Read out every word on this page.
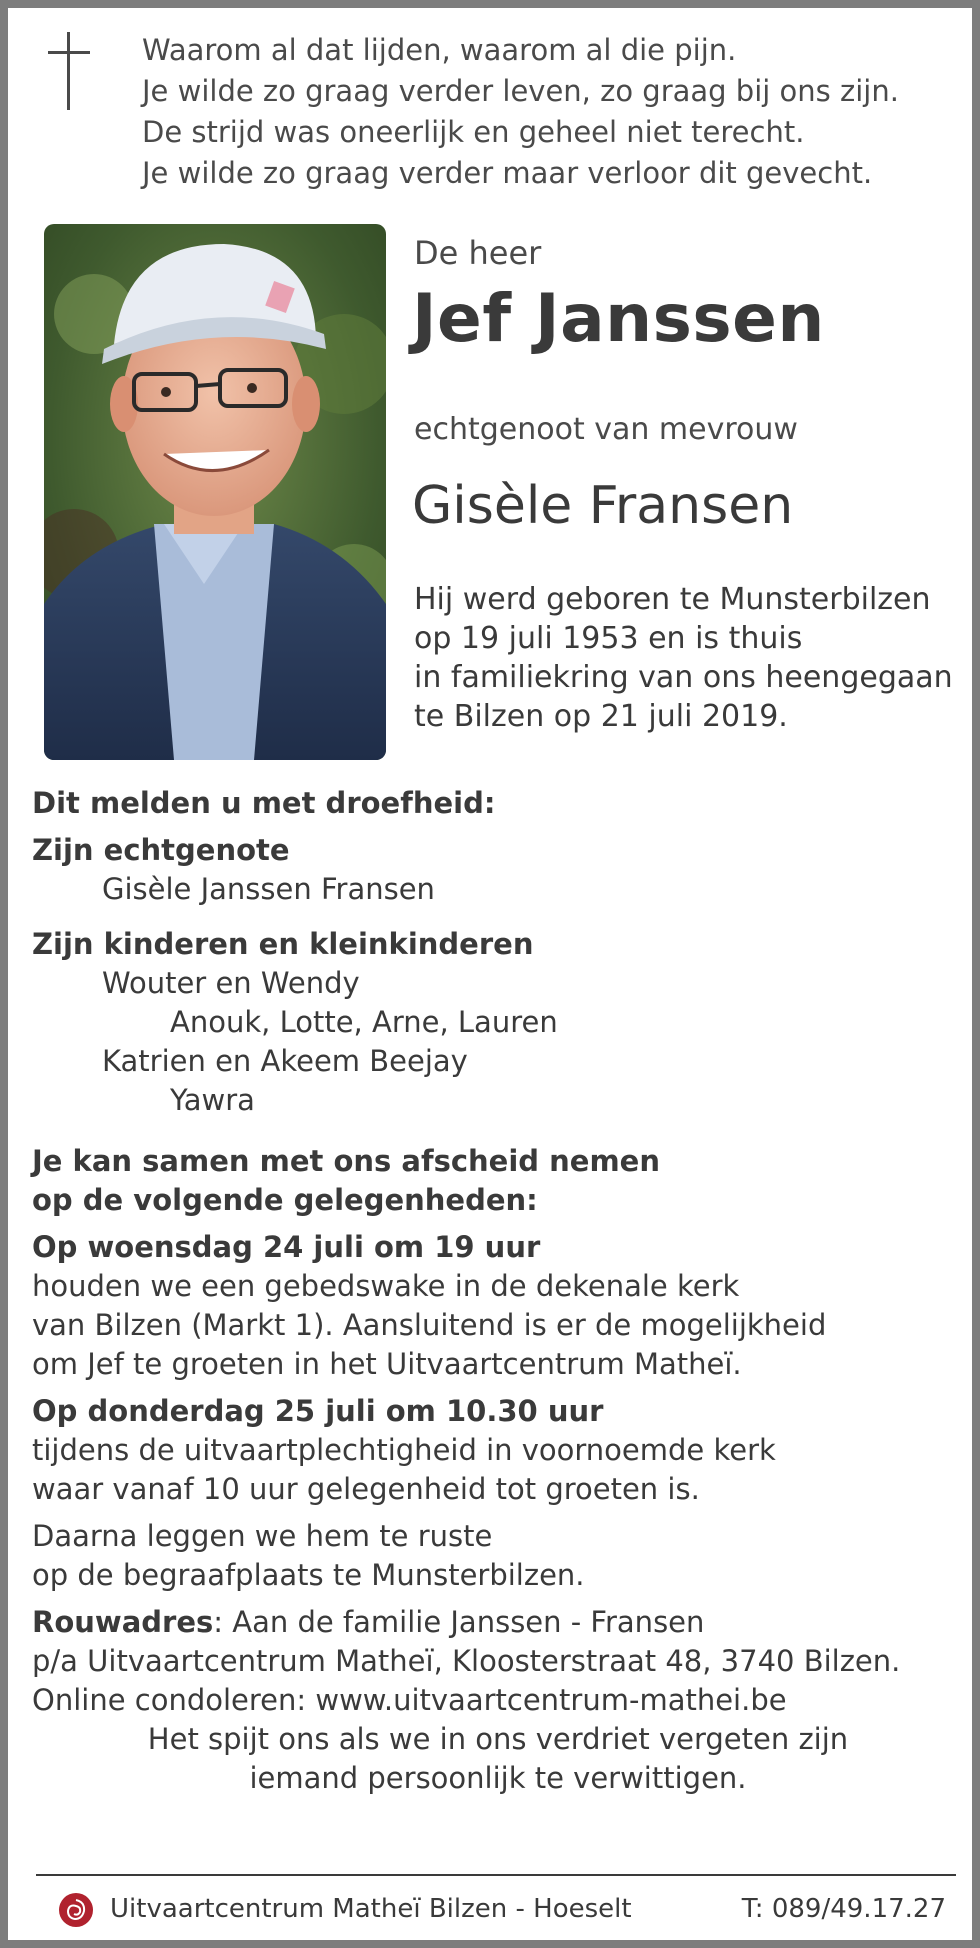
Waarom al dat lijden, waarom al die pijn.
Je wilde zo graag verder leven, zo graag bij ons zijn.
De strijd was oneerlijk en geheel niet terecht.
Je wilde zo graag verder maar verloor dit gevecht.
De heer
Jef Janssen
echtgenoot van mevrouw
Gisèle Fransen
Hij werd geboren te Munsterbilzen
op 19 juli 1953 en is thuis
in familiekring van ons heengegaan
te Bilzen op 21 juli 2019.
Dit melden u met droefheid:
Zijn echtgenote
Gisèle Janssen Fransen
Zijn kinderen en kleinkinderen
Wouter en Wendy
Anouk, Lotte, Arne, Lauren
Katrien en Akeem Beejay
Yawra
Je kan samen met ons afscheid nemen
op de volgende gelegenheden:
Op woensdag 24 juli om 19 uur
houden we een gebedswake in de dekenale kerk
van Bilzen (Markt 1). Aansluitend is er de mogelijkheid
om Jef te groeten in het Uitvaartcentrum Matheï.
Op donderdag 25 juli om 10.30 uur
tijdens de uitvaartplechtigheid in voornoemde kerk
waar vanaf 10 uur gelegenheid tot groeten is.
Daarna leggen we hem te ruste
op de begraafplaats te Munsterbilzen.
Rouwadres: Aan de familie Janssen - Fransen
p/a Uitvaartcentrum Matheï, Kloosterstraat 48, 3740 Bilzen.
Online condoleren: www.uitvaartcentrum-mathei.be
Het spijt ons als we in ons verdriet vergeten zijn
iemand persoonlijk te verwittigen.
Uitvaartcentrum Matheï Bilzen - Hoeselt	T: 089/49.17.27
